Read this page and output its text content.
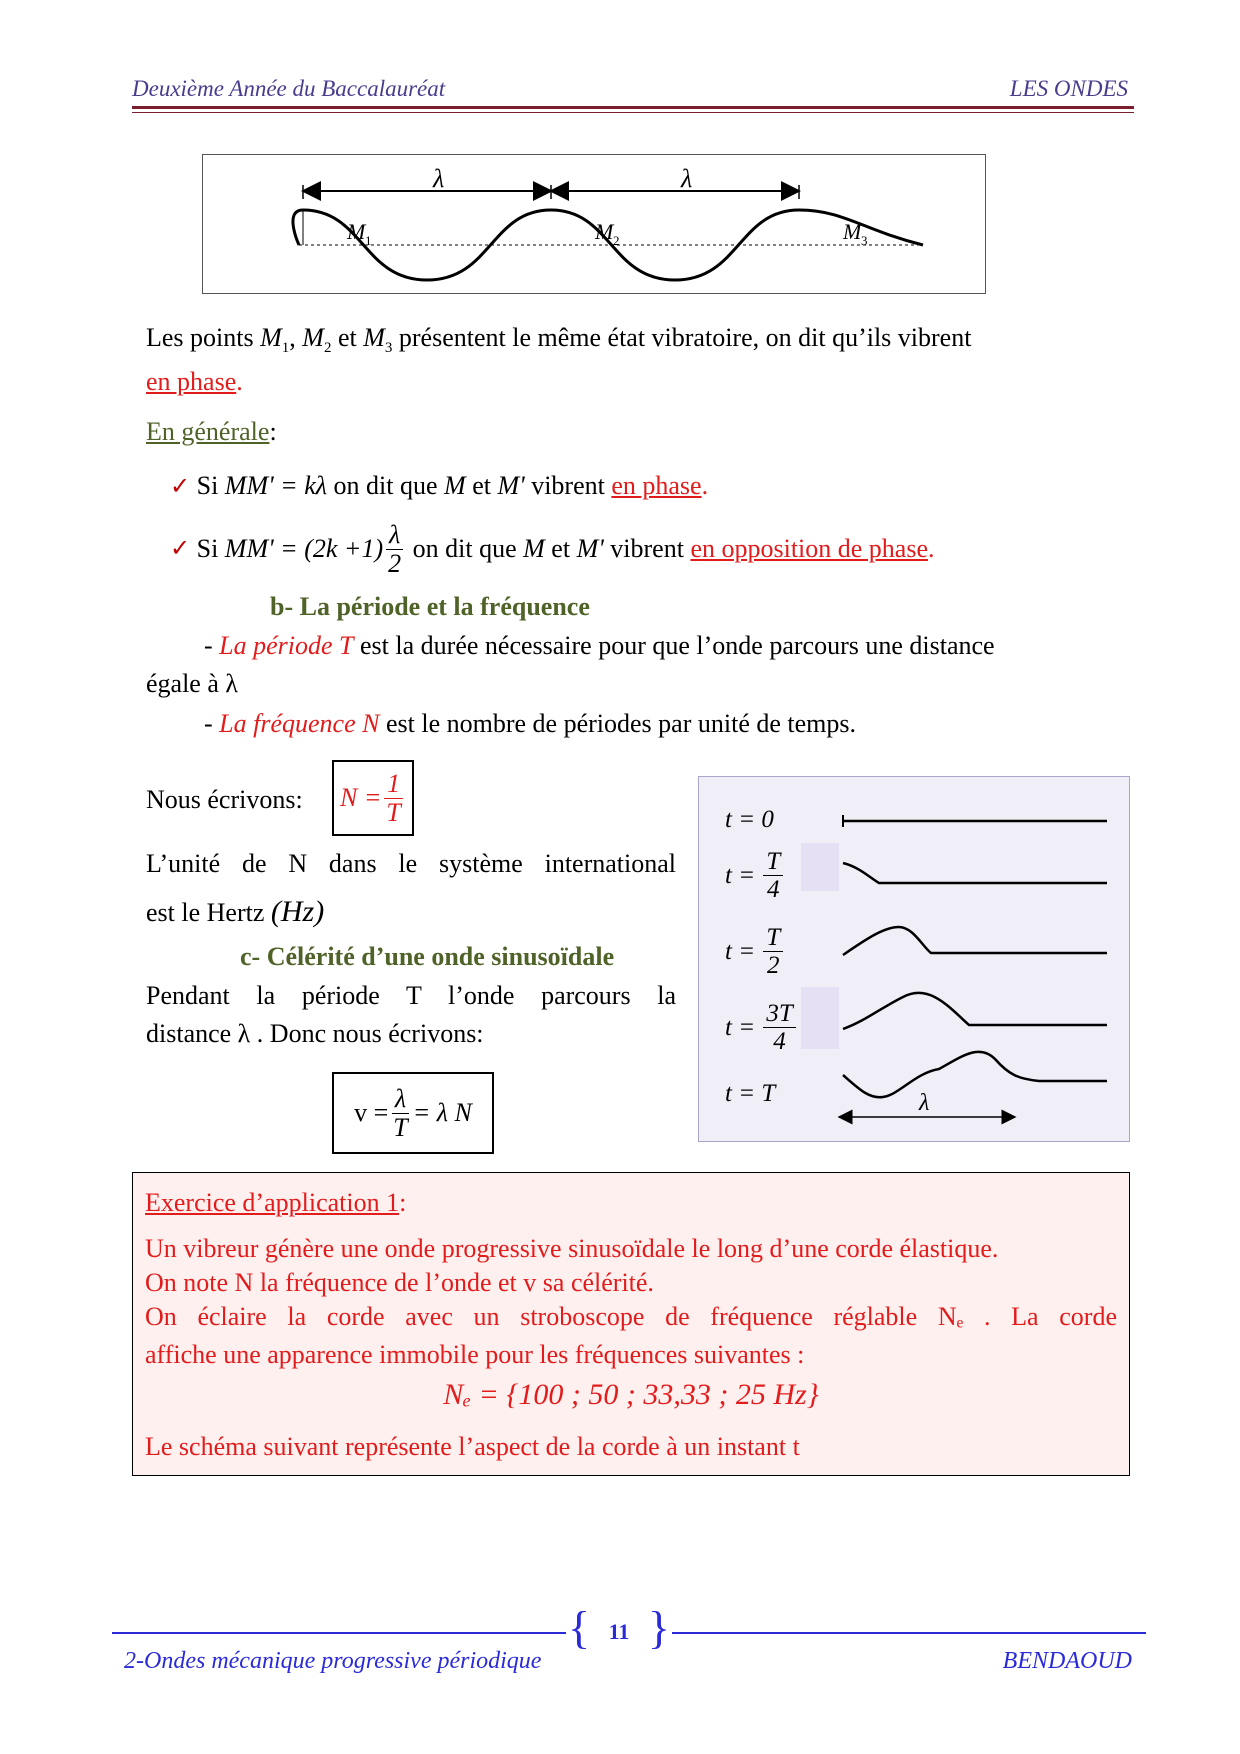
Deuxième Année du Baccalauréat	LES ONDES
λ	λ
M 1	M 2	M 3
Les points $M_1$, $M_2$ et $M_3$ présentent le même état vibratoire, on dit qu’ils vibrent
en phase.
En générale:
✓ Si MM' = kλ on dit que M et M' vibrent en phase.
✓
Si
$MM' = (2k +1) \frac{\lambda}{2}$
on dit que
M
et
M'
vibrent
en opposition de phase .
b- La période et la fréquence
- La période T est la durée nécessaire pour que l’onde parcours une distance
égale à λ
- La fréquence N est le nombre de périodes par unité de temps.
Nous écrivons: $N = \frac{1}{T}$
L’unité de N dans le système international
est le Hertz (Hz)
c- Célérité d’une onde sinusoïdale
Pendant la période T l’onde parcours la
distance λ . Donc nous écrivons:
$v = \frac{\lambda}{T} = \lambda$ N
t = 0
t =
$\frac{T}{4}$
t =
$\frac{T}{2}$
t =
$\frac{3T}{4}$
t = T	λ
Exercice d’application 1:
Un vibreur génère une onde progressive sinusoïdale le long d’une corde élastique.
On note N la fréquence de l’onde et v sa célérité.
On éclaire la corde avec un stroboscope de fréquence réglable Nₑ . La corde
affiche une apparence immobile pour les fréquences suivantes :
Nₑ = {100 ; 50 ; 33,33 ; 25 Hz}
Le schéma suivant représente l’aspect de la corde à un instant t
{ }
11
2-Ondes mécanique progressive périodique	BENDAOUD
